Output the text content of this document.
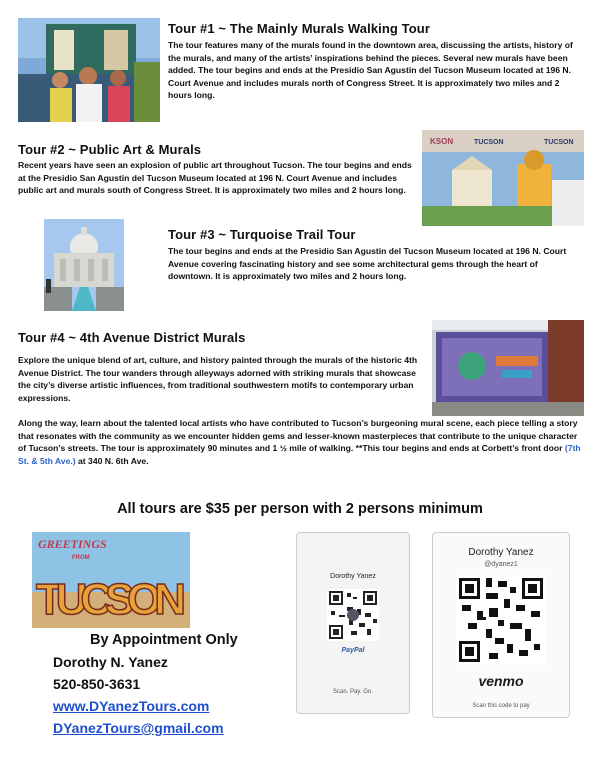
Tour #1 ~ The Mainly Murals Walking Tour
The tour features many of the murals found in the downtown area, discussing the artists, history of the murals, and many of the artists’ inspirations behind the pieces. Several new murals have been added. The tour begins and ends at the Presidio San Agustin del Tucson Museum located at 196 N. Court Avenue and includes murals north of Congress Street. It is approximately two miles and 2 hours long.
Tour #2 ~ Public Art & Murals
Recent years have seen an explosion of public art throughout Tucson. The tour begins and ends at the Presidio San Agustin del Tucson Museum located at 196 N. Court Avenue and includes public art and murals south of Congress Street. It is approximately two miles and 2 hours long.
KSON	TUCSON	TUCSON
Tour #3 ~ Turquoise Trail Tour
The tour begins and ends at the Presidio San Agustin del Tucson Museum located at 196 N. Court Avenue covering fascinating history and see some architectural gems through the heart of downtown. It is approximately two miles and 2 hours long.
Tour #4 ~ 4th Avenue District Murals
Explore the unique blend of art, culture, and history painted through the murals of the historic 4th Avenue District. The tour wanders through alleyways adorned with striking murals that showcase the city’s diverse artistic influences, from traditional southwestern motifs to contemporary urban expressions.
Along the way, learn about the talented local artists who have contributed to Tucson’s burgeoning mural scene, each piece telling a story that resonates with the community as we encounter hidden gems and lesser-known masterpieces that contribute to the unique character of Tucson’s streets. The tour is approximately 90 minutes and 1 ½ mile of walking. **This tour begins and ends at Corbett’s front door (7th St. & 5th Ave.) at 340 N. 6th Ave.
All tours are $35 per person with 2 persons minimum
GREETINGS
FROM
TUCSON
By Appointment Only
Dorothy N. Yanez
520-850-3631
www.DYanezTours.com
DYanezTours@gmail.com
Dorothy Yanez
PayPal
Scan. Pay. Go.
Dorothy Yanez
@dyanez1
venmo
Scan this code to pay
